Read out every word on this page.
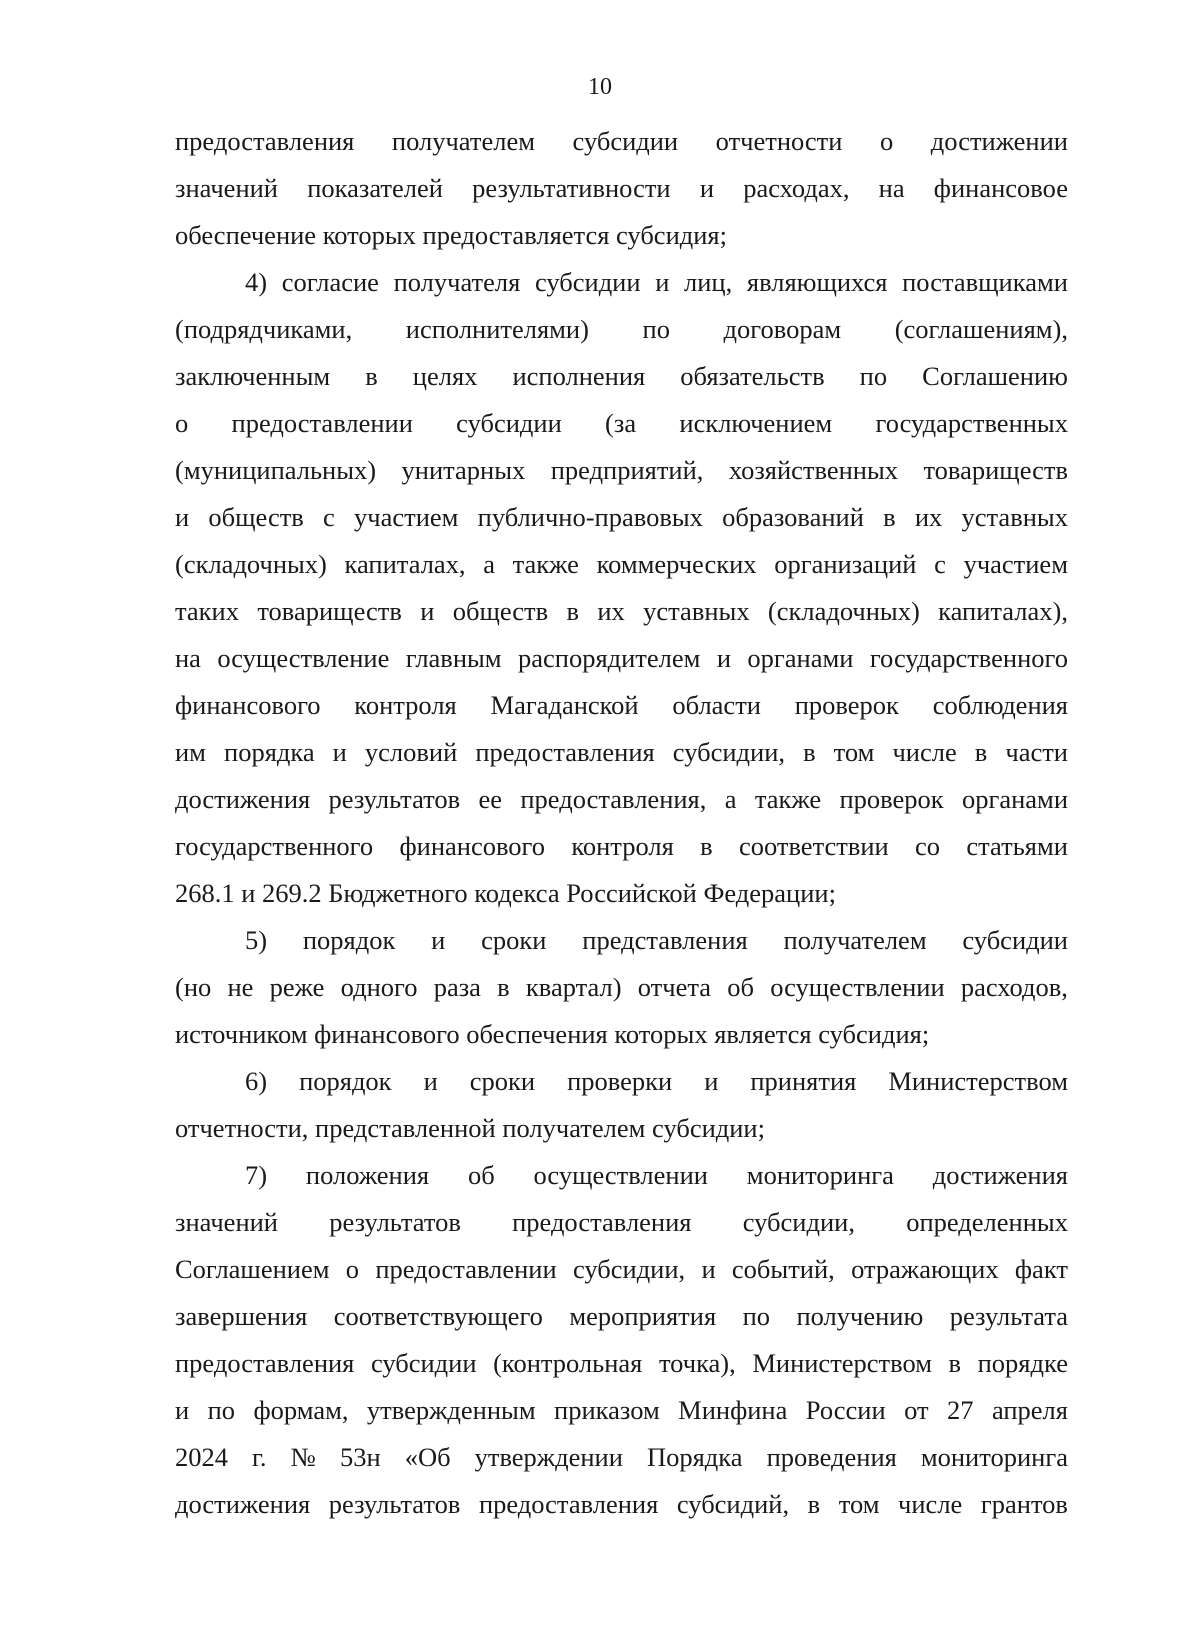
10
предоставления получателем субсидии отчетности о достижении
значений показателей результативности и расходах, на финансовое
обеспечение которых предоставляется субсидия;
4) согласие получателя субсидии и лиц, являющихся поставщиками
(подрядчиками, исполнителями) по договорам (соглашениям),
заключенным в целях исполнения обязательств по Соглашению
о предоставлении субсидии (за исключением государственных
(муниципальных) унитарных предприятий, хозяйственных товариществ
и обществ с участием публично-правовых образований в их уставных
(складочных) капиталах, а также коммерческих организаций с участием
таких товариществ и обществ в их уставных (складочных) капиталах),
на осуществление главным распорядителем и органами государственного
финансового контроля Магаданской области проверок соблюдения
им порядка и условий предоставления субсидии, в том числе в части
достижения результатов ее предоставления, а также проверок органами
государственного финансового контроля в соответствии со статьями
268.1 и 269.2 Бюджетного кодекса Российской Федерации;
5) порядок и сроки представления получателем субсидии
(но не реже одного раза в квартал) отчета об осуществлении расходов,
источником финансового обеспечения которых является субсидия;
6) порядок и сроки проверки и принятия Министерством
отчетности, представленной получателем субсидии;
7) положения об осуществлении мониторинга достижения
значений результатов предоставления субсидии, определенных
Соглашением о предоставлении субсидии, и событий, отражающих факт
завершения соответствующего мероприятия по получению результата
предоставления субсидии (контрольная точка), Министерством в порядке
и по формам, утвержденным приказом Минфина России от 27 апреля
2024 г. № 53н «Об утверждении Порядка проведения мониторинга
достижения результатов предоставления субсидий, в том числе грантов
